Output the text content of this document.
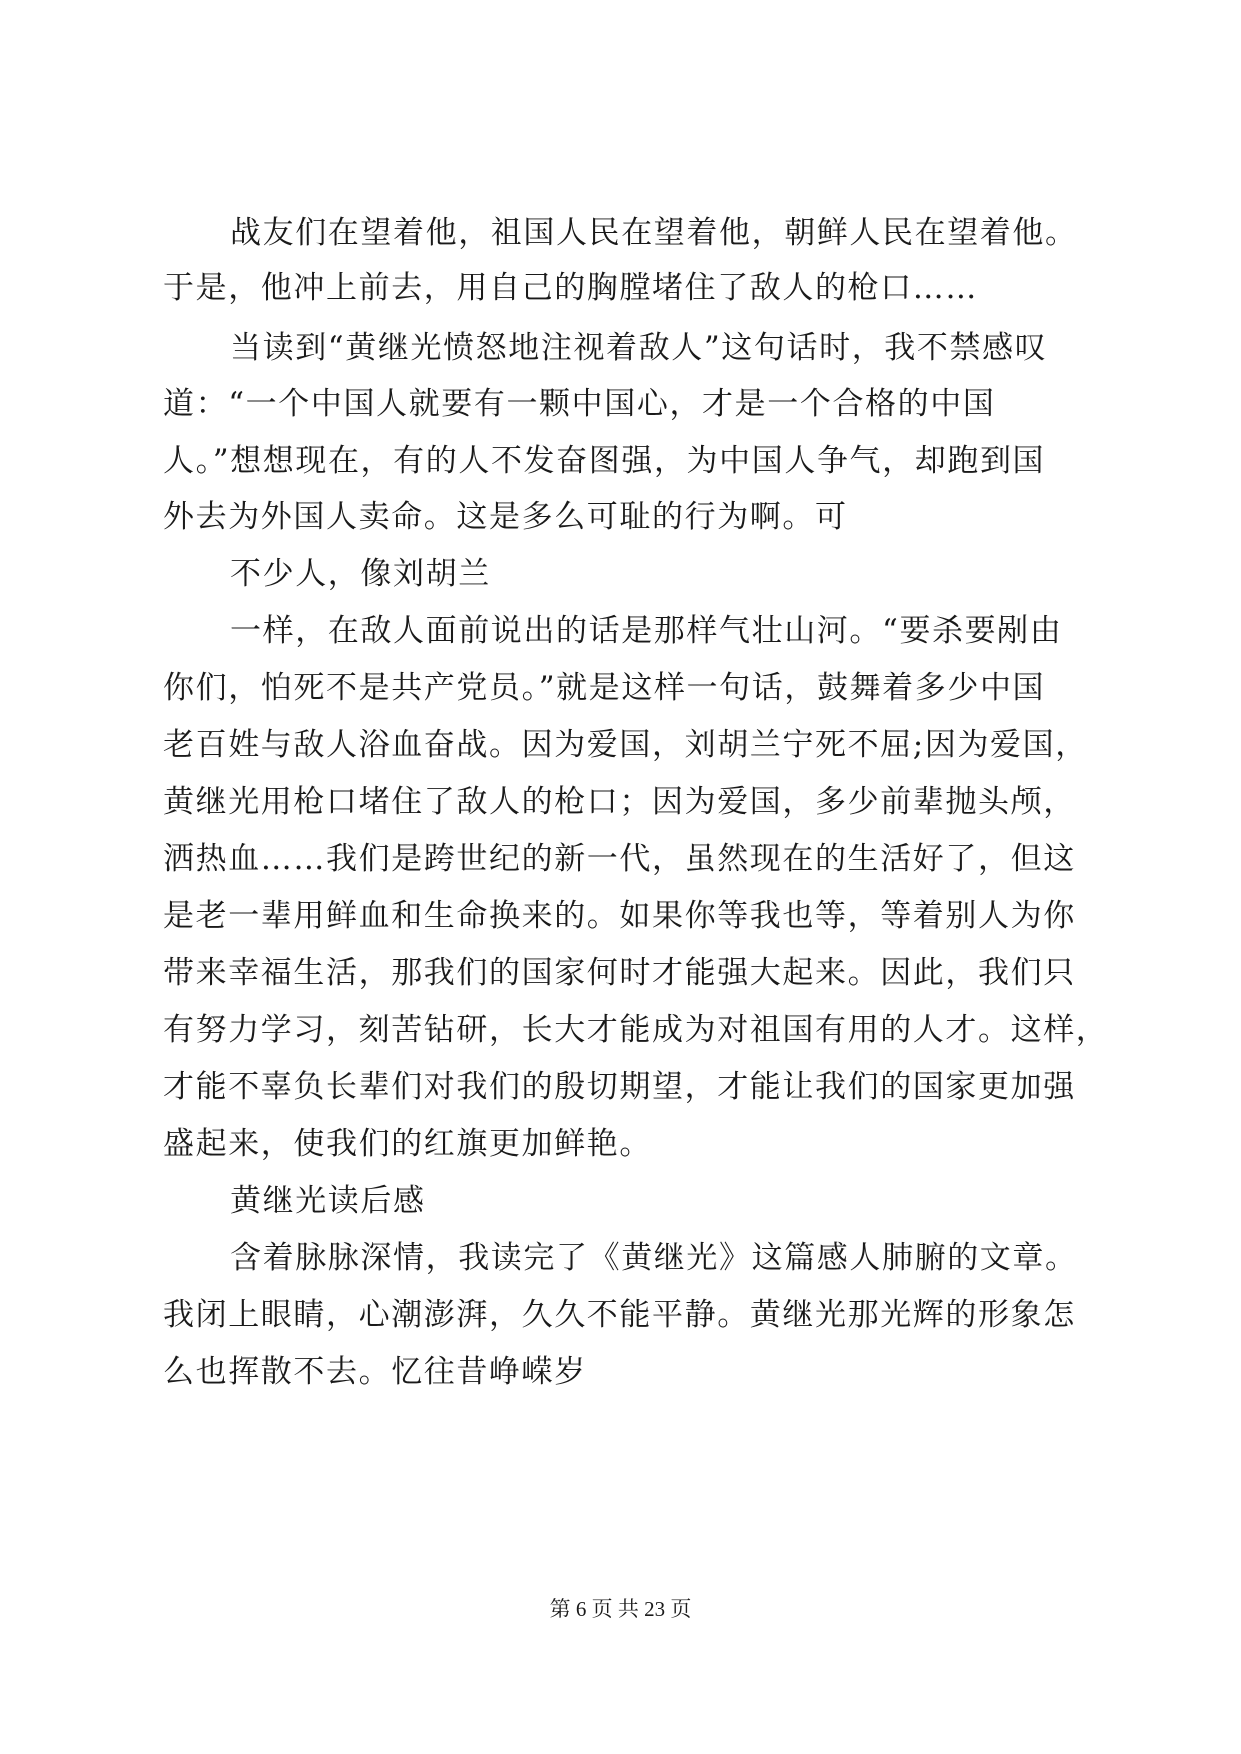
战友们在望着他，祖国人民在望着他，朝鲜人民在望着他。
于是，他冲上前去，用自己的胸膛堵住了敌人的枪口……
当读到“黄继光愤怒地注视着敌人”这句话时，我不禁感叹
道：“一个中国人就要有一颗中国心，才是一个合格的中国
人。”想想现在，有的人不发奋图强，为中国人争气，却跑到国
外去为外国人卖命。这是多么可耻的行为啊。可
不少人，像刘胡兰
一样，在敌人面前说出的话是那样气壮山河。“要杀要剐由
你们，怕死不是共产党员。”就是这样一句话，鼓舞着多少中国
老百姓与敌人浴血奋战。因为爱国，刘胡兰宁死不屈;因为爱国，
黄继光用枪口堵住了敌人的枪口；因为爱国，多少前辈抛头颅，
洒热血……我们是跨世纪的新一代，虽然现在的生活好了，但这
是老一辈用鲜血和生命换来的。如果你等我也等，等着别人为你
带来幸福生活，那我们的国家何时才能强大起来。因此，我们只
有努力学习，刻苦钻研，长大才能成为对祖国有用的人才。这样，
才能不辜负长辈们对我们的殷切期望，才能让我们的国家更加强
盛起来，使我们的红旗更加鲜艳。
黄继光读后感
含着脉脉深情，我读完了《黄继光》这篇感人肺腑的文章。
我闭上眼睛，心潮澎湃，久久不能平静。黄继光那光辉的形象怎
么也挥散不去。忆往昔峥嵘岁
第 6 页 共 23 页
